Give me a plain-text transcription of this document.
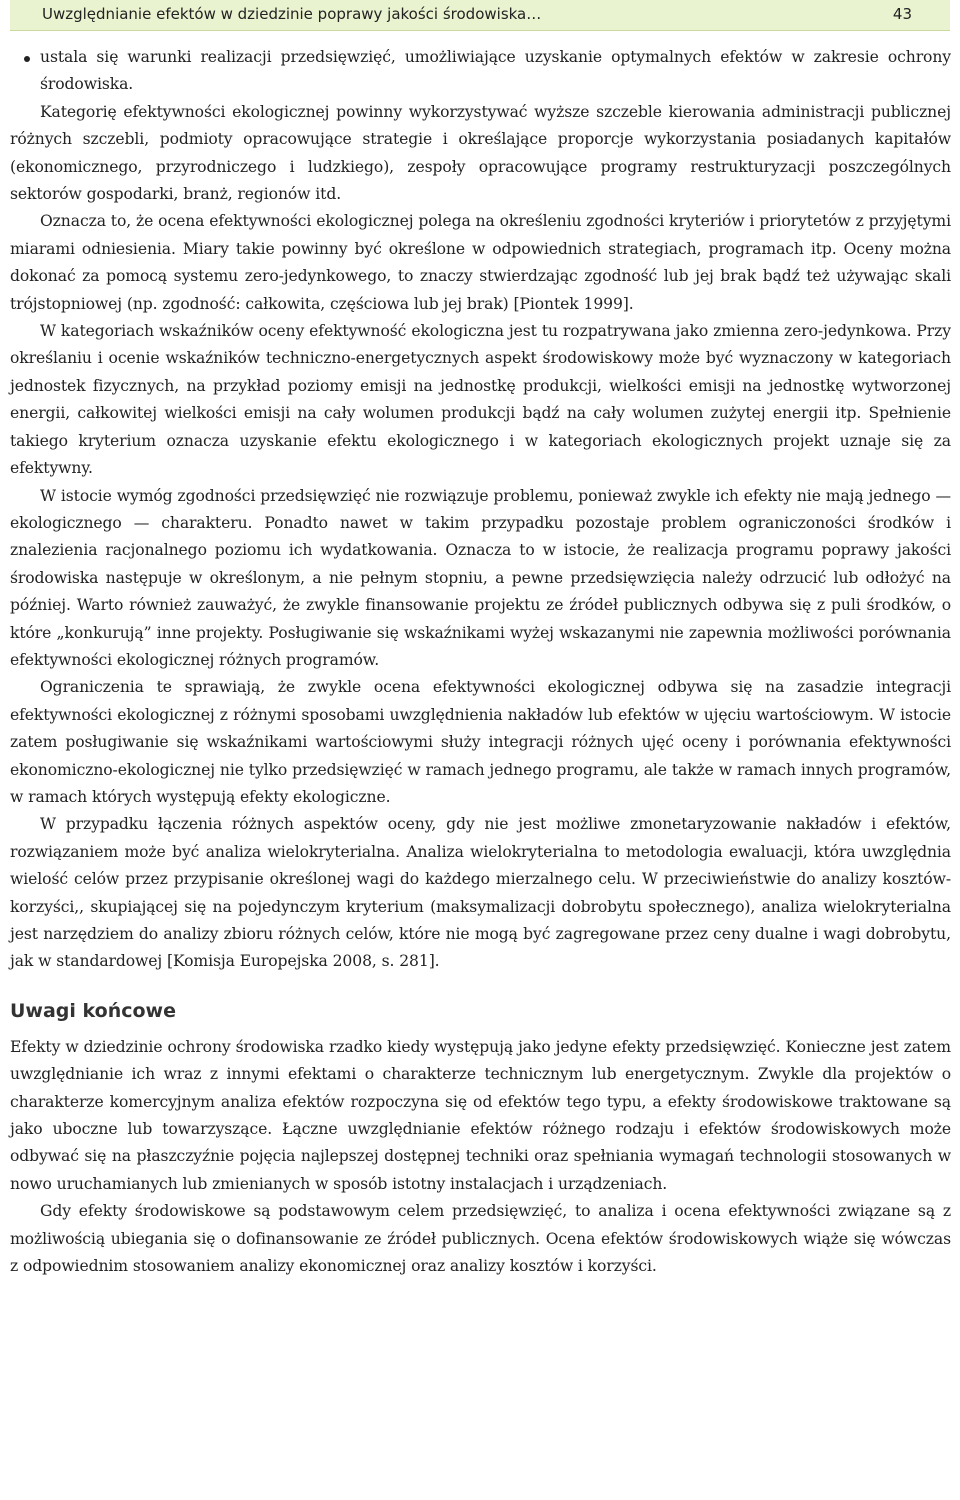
Uwzględnianie efektów w dziedzinie poprawy jakości środowiska…	43
ustala się warunki realizacji przedsięwzięć, umożliwiające uzyskanie optymalnych efektów w zakresie ochrony środowiska.

Kategorię efektywności ekologicznej powinny wykorzystywać wyższe szczeble kierowania administracji publicznej różnych szczebli, podmioty opracowujące strategie i określające proporcje wykorzystania posiadanych kapitałów (ekonomicznego, przyrodniczego i ludzkiego), zespoły opracowujące programy restrukturyzacji poszczególnych sektorów gospodarki, branż, regionów itd.

Oznacza to, że ocena efektywności ekologicznej polega na określeniu zgodności kryteriów i priorytetów z przyjętymi miarami odniesienia. Miary takie powinny być określone w odpowiednich strategiach, programach itp. Oceny można dokonać za pomocą systemu zero-jedynkowego, to znaczy stwierdzając zgodność lub jej brak bądź też używając skali trójstopniowej (np. zgodność: całkowita, częściowa lub jej brak) [Piontek 1999].

W kategoriach wskaźników oceny efektywność ekologiczna jest tu rozpatrywana jako zmienna zero-jedynkowa. Przy określaniu i ocenie wskaźników techniczno-energetycznych aspekt środowiskowy może być wyznaczony w kategoriach jednostek fizycznych, na przykład poziomy emisji na jednostkę produkcji, wielkości emisji na jednostkę wytworzonej energii, całkowitej wielkości emisji na cały wolumen produkcji bądź na cały wolumen zużytej energii itp. Spełnienie takiego kryterium oznacza uzyskanie efektu ekologicznego i w kategoriach ekologicznych projekt uznaje się za efektywny.

W istocie wymóg zgodności przedsięwzięć nie rozwiązuje problemu, ponieważ zwykle ich efekty nie mają jednego — ekologicznego — charakteru. Ponadto nawet w takim przypadku pozostaje problem ograniczoności środków i znalezienia racjonalnego poziomu ich wydatkowania. Oznacza to w istocie, że realizacja programu poprawy jakości środowiska następuje w określonym, a nie pełnym stopniu, a pewne przedsięwzięcia należy odrzucić lub odłożyć na później. Warto również zauważyć, że zwykle finansowanie projektu ze źródeł publicznych odbywa się z puli środków, o które „konkurują” inne projekty. Posługiwanie się wskaźnikami wyżej wskazanymi nie zapewnia możliwości porównania efektywności ekologicznej różnych programów.

Ograniczenia te sprawiają, że zwykle ocena efektywności ekologicznej odbywa się na zasadzie integracji efektywności ekologicznej z różnymi sposobami uwzględnienia nakładów lub efektów w ujęciu wartościowym. W istocie zatem posługiwanie się wskaźnikami wartościowymi służy integracji różnych ujęć oceny i porównania efektywności ekonomiczno-ekologicznej nie tylko przedsięwzięć w ramach jednego programu, ale także w ramach innych programów, w ramach których występują efekty ekologiczne.

W przypadku łączenia różnych aspektów oceny, gdy nie jest możliwe zmonetaryzowanie nakładów i efektów, rozwiązaniem może być analiza wielokryterialna. Analiza wielokryterialna to metodologia ewaluacji, która uwzględnia wielość celów przez przypisanie określonej wagi do każdego mierzalnego celu. W przeciwieństwie do analizy kosztów-korzyści,, skupiającej się na pojedynczym kryterium (maksymalizacji dobrobytu społecznego), analiza wielokryterialna jest narzędziem do analizy zbioru różnych celów, które nie mogą być zagregowane przez ceny dualne i wagi dobrobytu, jak w standardowej [Komisja Europejska 2008, s. 281].

Uwagi końcowe

Efekty w dziedzinie ochrony środowiska rzadko kiedy występują jako jedyne efekty przedsięwzięć. Konieczne jest zatem uwzględnianie ich wraz z innymi efektami o charakterze technicznym lub energetycznym. Zwykle dla projektów o charakterze komercyjnym analiza efektów rozpoczyna się od efektów tego typu, a efekty środowiskowe traktowane są jako uboczne lub towarzyszące. Łączne uwzględnianie efektów różnego rodzaju i efektów środowiskowych może odbywać się na płaszczyźnie pojęcia najlepszej dostępnej techniki oraz spełniania wymagań technologii stosowanych w nowo uruchamianych lub zmienianych w sposób istotny instalacjach i urządzeniach.

Gdy efekty środowiskowe są podstawowym celem przedsięwzięć, to analiza i ocena efektywności związane są z możliwością ubiegania się o dofinansowanie ze źródeł publicznych. Ocena efektów środowiskowych wiąże się wówczas z odpowiednim stosowaniem analizy ekonomicznej oraz analizy kosztów i korzyści.
